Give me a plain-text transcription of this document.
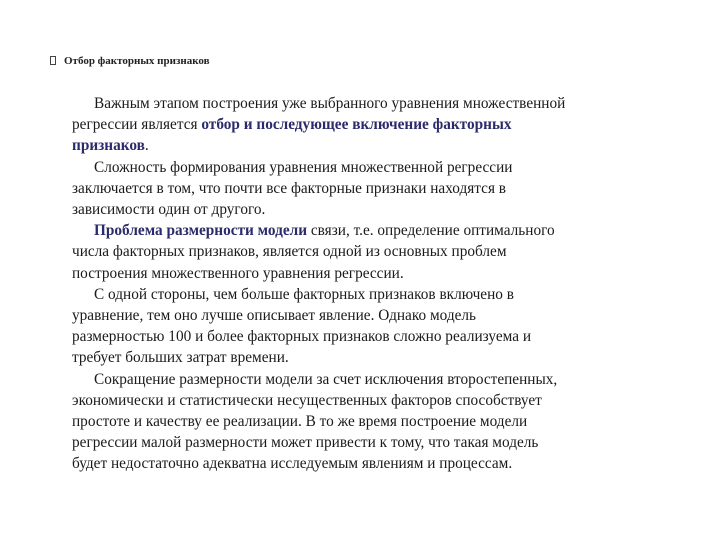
Отбор факторных признаков
Важным этапом построения уже выбранного уравнения множественной
регрессии является отбор и последующее включение факторных
признаков.
Сложность формирования уравнения множественной регрессии
заключается в том, что почти все факторные признаки находятся в
зависимости один от другого.
Проблема размерности модели связи, т.е. определение оптимального
числа факторных признаков, является одной из основных проблем
построения множественного уравнения регрессии.
С одной стороны, чем больше факторных признаков включено в
уравнение, тем оно лучше описывает явление. Однако модель
размерностью 100 и более факторных признаков сложно реализуема и
требует больших затрат времени.
Сокращение размерности модели за счет исключения второстепенных,
экономически и статистически несущественных факторов способствует
простоте и качеству ее реализации. В то же время построение модели
регрессии малой размерности может привести к тому, что такая модель
будет недостаточно адекватна исследуемым явлениям и процессам.
